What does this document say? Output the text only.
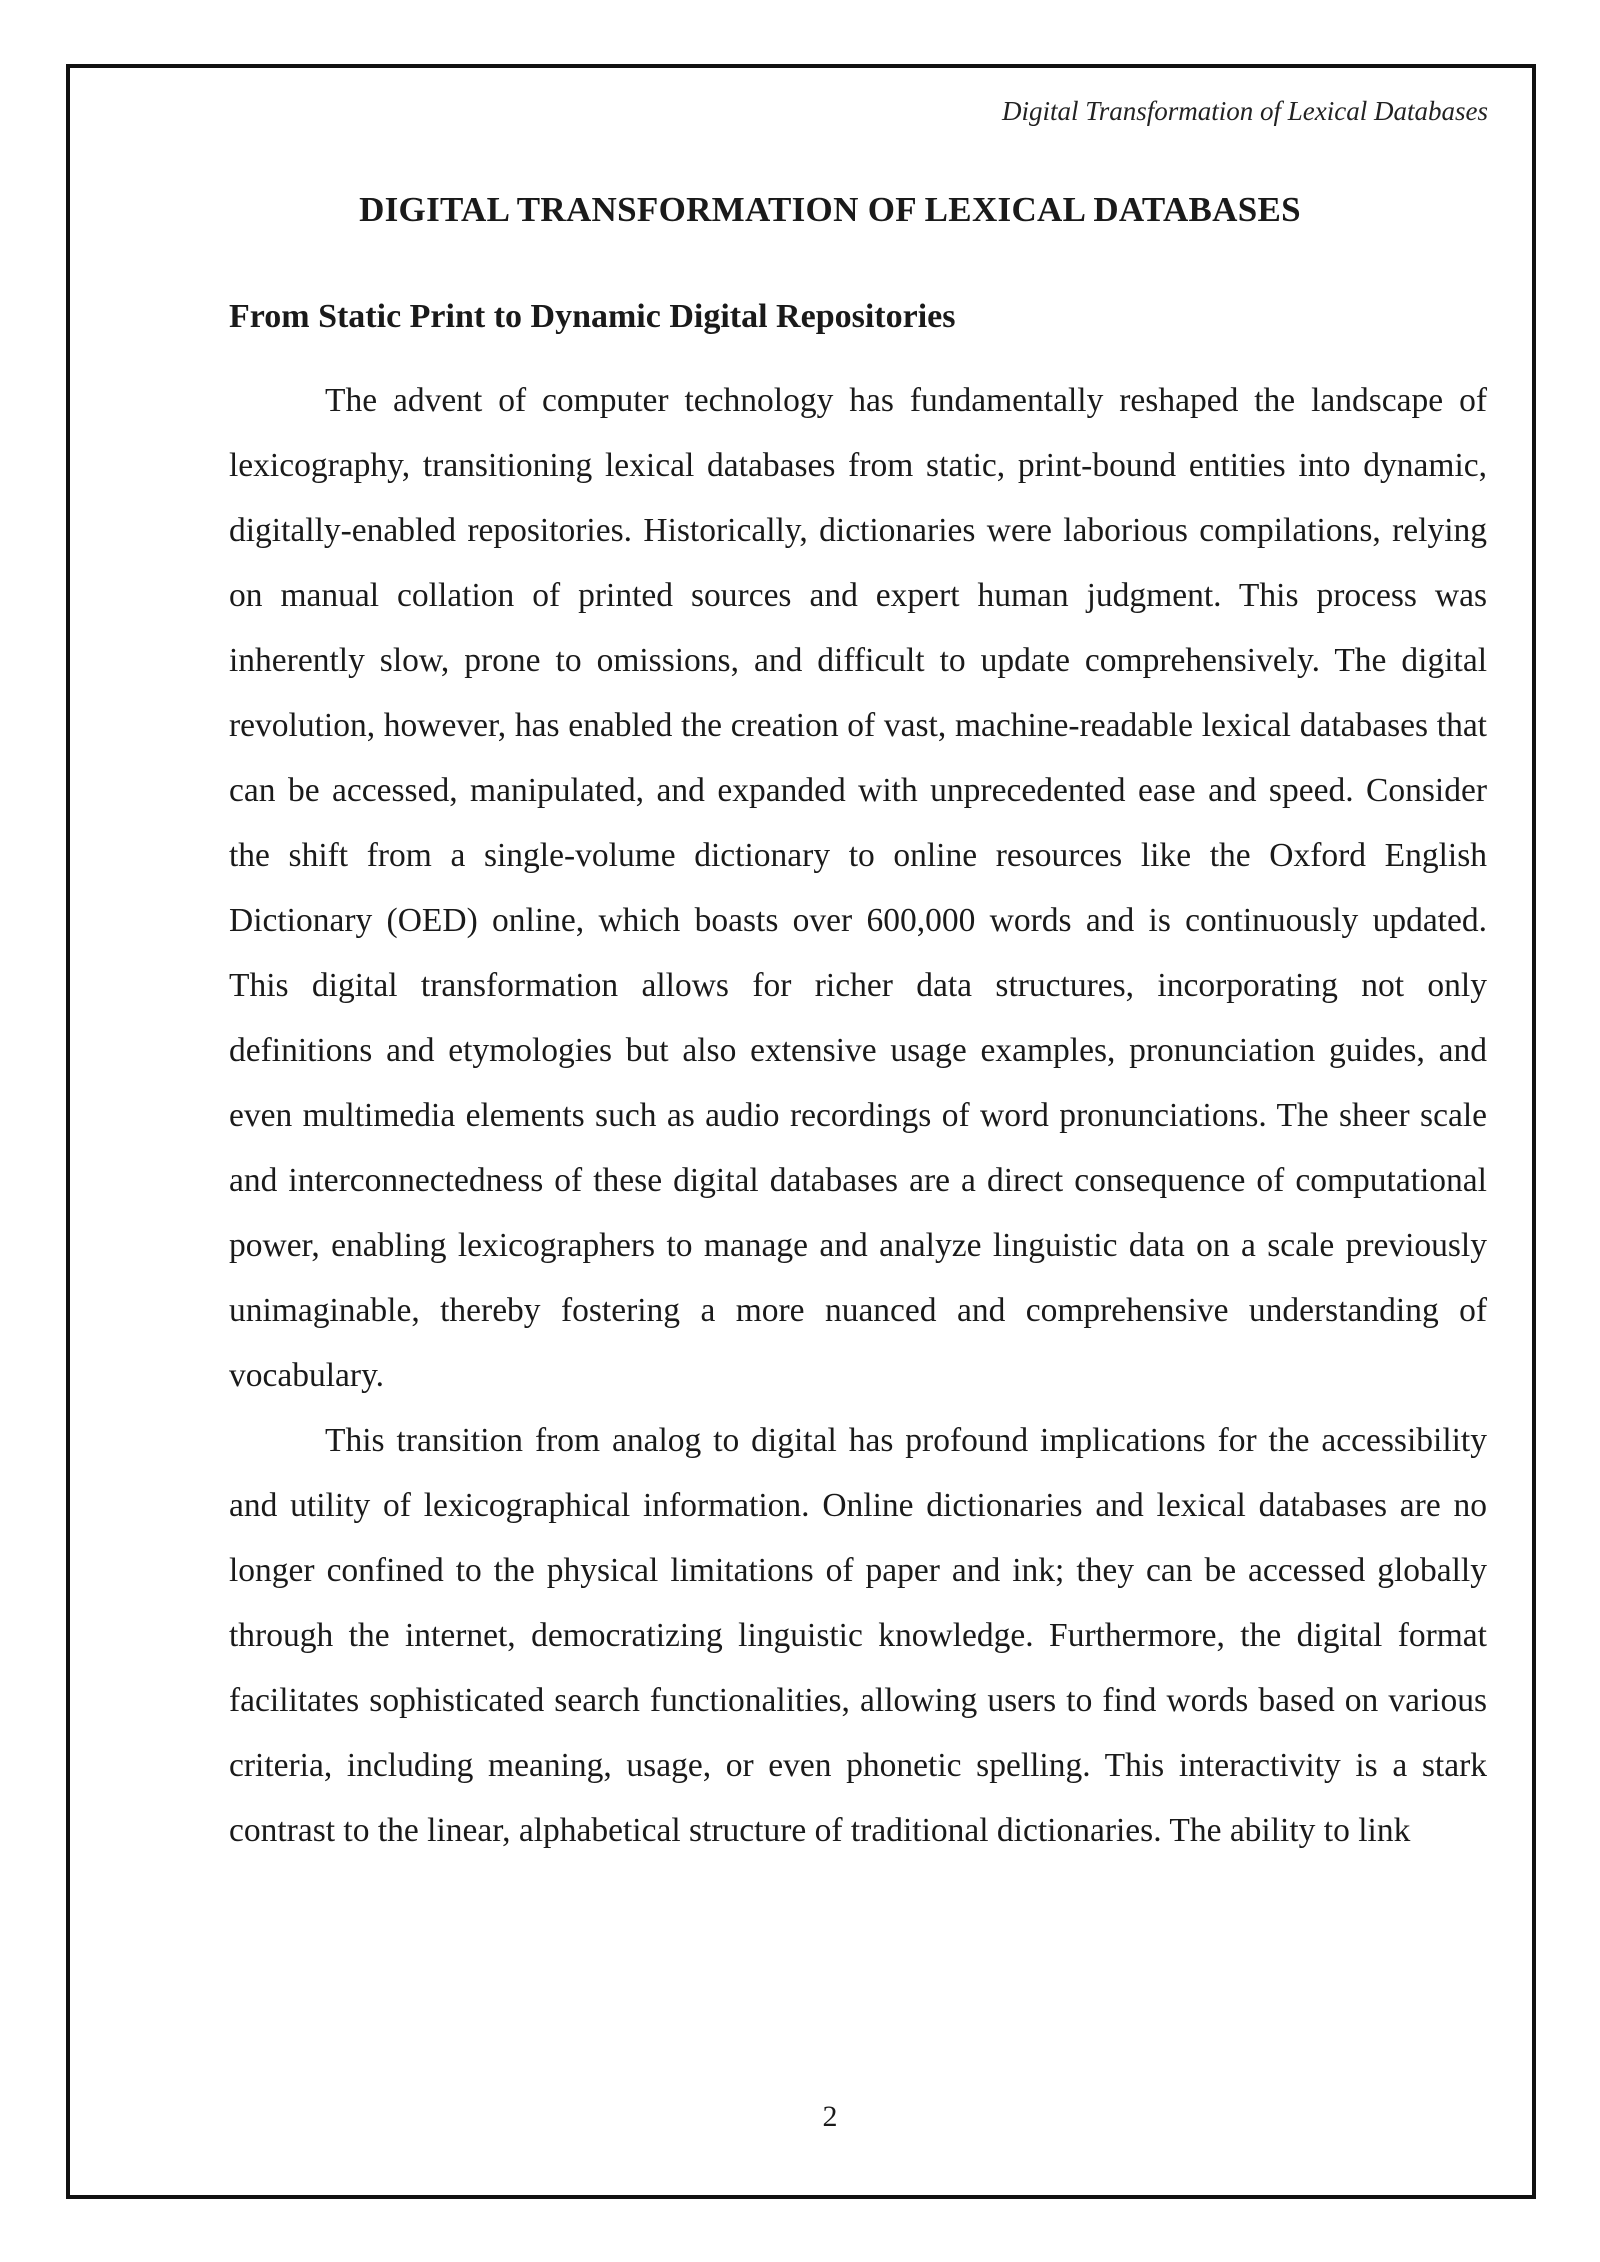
Digital Transformation of Lexical Databases
DIGITAL TRANSFORMATION OF LEXICAL DATABASES
From Static Print to Dynamic Digital Repositories

The advent of computer technology has fundamentally reshaped the landscape of lexicography, transitioning lexical databases from static, print-bound entities into dynamic, digitally-enabled repositories. Historically, dictionaries were laborious compilations, relying on manual collation of printed sources and expert human judgment. This process was inherently slow, prone to omissions, and difficult to update comprehensively. The digital revolution, however, has enabled the creation of vast, machine-readable lexical databases that can be accessed, manipulated, and expanded with unprecedented ease and speed. Consider the shift from a single-volume dictionary to online resources like the Oxford English Dictionary (OED) online, which boasts over 600,000 words and is continuously updated. This digital transformation allows for richer data structures, incorporating not only definitions and etymologies but also extensive usage examples, pronunciation guides, and even multimedia elements such as audio recordings of word pronunciations. The sheer scale and interconnectedness of these digital databases are a direct consequence of computational power, enabling lexicographers to manage and analyze linguistic data on a scale previously unimaginable, thereby fostering a more nuanced and comprehensive understanding of vocabulary.

This transition from analog to digital has profound implications for the accessibility and utility of lexicographical information. Online dictionaries and lexical databases are no longer confined to the physical limitations of paper and ink; they can be accessed globally through the internet, democratizing linguistic knowledge. Furthermore, the digital format facilitates sophisticated search functionalities, allowing users to find words based on various criteria, including meaning, usage, or even phonetic spelling. This interactivity is a stark contrast to the linear, alphabetical structure of traditional dictionaries. The ability to link

2
